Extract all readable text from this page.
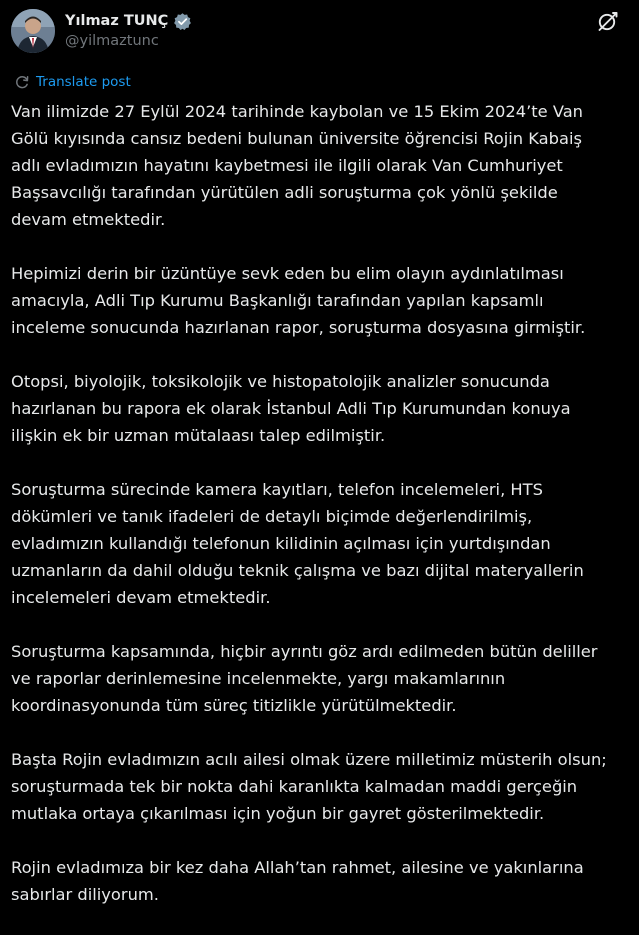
Yılmaz TUNÇ
@yilmaztunc
Translate post

Van ilimizde 27 Eylül 2024 tarihinde kaybolan ve 15 Ekim 2024’te Van
Gölü kıyısında cansız bedeni bulunan üniversite öğrencisi Rojin Kabaiş
adlı evladımızın hayatını kaybetmesi ile ilgili olarak Van Cumhuriyet
Başsavcılığı tarafından yürütülen adli soruşturma çok yönlü şekilde
devam etmektedir.

Hepimizi derin bir üzüntüye sevk eden bu elim olayın aydınlatılması
amacıyla, Adli Tıp Kurumu Başkanlığı tarafından yapılan kapsamlı
inceleme sonucunda hazırlanan rapor, soruşturma dosyasına girmiştir.

Otopsi, biyolojik, toksikolojik ve histopatolojik analizler sonucunda
hazırlanan bu rapora ek olarak İstanbul Adli Tıp Kurumundan konuya
ilişkin ek bir uzman mütalaası talep edilmiştir.

Soruşturma sürecinde kamera kayıtları, telefon incelemeleri, HTS
dökümleri ve tanık ifadeleri de detaylı biçimde değerlendirilmiş,
evladımızın kullandığı telefonun kilidinin açılması için yurtdışından
uzmanların da dahil olduğu teknik çalışma ve bazı dijital materyallerin
incelemeleri devam etmektedir.

Soruşturma kapsamında, hiçbir ayrıntı göz ardı edilmeden bütün deliller
ve raporlar derinlemesine incelenmekte, yargı makamlarının
koordinasyonunda tüm süreç titizlikle yürütülmektedir.

Başta Rojin evladımızın acılı ailesi olmak üzere milletimiz müsterih olsun;
soruşturmada tek bir nokta dahi karanlıkta kalmadan maddi gerçeğin
mutlaka ortaya çıkarılması için yoğun bir gayret gösterilmektedir.

Rojin evladımıza bir kez daha Allah’tan rahmet, ailesine ve yakınlarına
sabırlar diliyorum.
